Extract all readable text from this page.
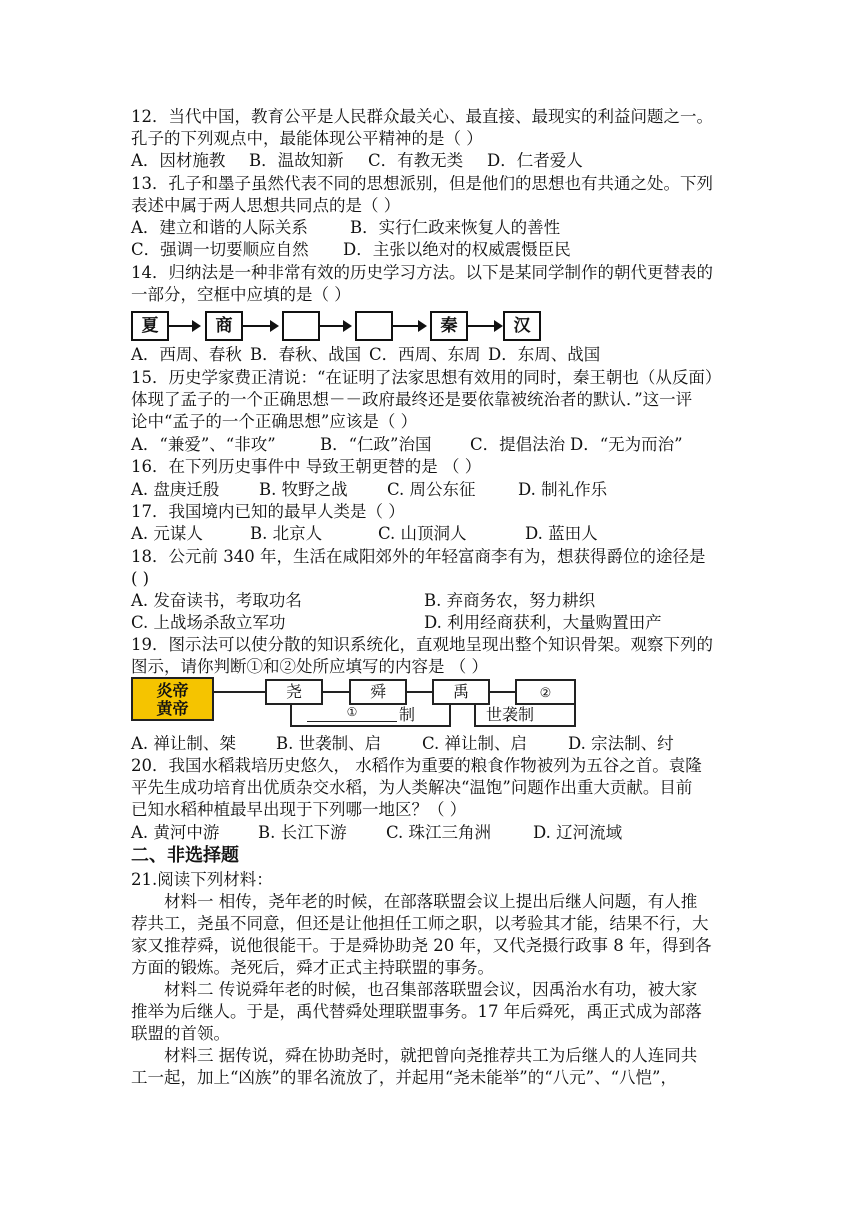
12．当代中国，教育公平是人民群众最关心、最直接、最现实的利益问题之一。
孔子的下列观点中，最能体现公平精神的是（ ）
A．因材施教 B．温故知新 C．有教无类 D．仁者爱人
13．孔子和墨子虽然代表不同的思想派别，但是他们的思想也有共通之处。下列
表述中属于两人思想共同点的是（ ）
A．建立和谐的人际关系	B．实行仁政来恢复人的善性
C．强调一切要顺应自然 D．主张以绝对的权威震慑臣民
14．归纳法是一种非常有效的历史学习方法。以下是某同学制作的朝代更替表的
一部分，空框中应填的是（ ）
夏	商	秦	汉
A．西周、春秋 B．春秋、战国 C．西周、东周 D．东周、战国
15．历史学家费正清说：“在证明了法家思想有效用的同时，秦王朝也（从反面）
体现了孟子的一个正确思想－－政府最终还是要依靠被统治者的默认．”这一评
论中“孟子的一个正确思想”应该是（ ）
A．“兼爱”、“非攻”	B．“仁政”治国 C．提倡法治 D．“无为而治”
16．在下列历史事件中 导致王朝更替的是 （ ）
A. 盘庚迁殷 B. 牧野之战 C. 周公东征	D. 制礼作乐
17．我国境内已知的最早人类是（ ）
A. 元谋人	B. 北京人	C. 山顶洞人	D. 蓝田人
18．公元前 340 年，生活在咸阳郊外的年轻富商李有为，想获得爵位的途径是
( )
A. 发奋读书，考取功名	B. 弃商务农，努力耕织
C. 上战场杀敌立军功	D. 利用经商获利，大量购置田产
19．图示法可以使分散的知识系统化，直观地呈现出整个知识骨架。观察下列的
图示，请你判断①和②处所应填写的内容是 （ ）
炎帝
黄帝
尧	舜	禹	②
①	制	世袭制
A. 禅让制、桀 B. 世袭制、启 C. 禅让制、启 D. 宗法制、纣
20．我国水稻栽培历史悠久， 水稻作为重要的粮食作物被列为五谷之首。袁隆
平先生成功培育出优质杂交水稻，为人类解决“温饱”问题作出重大贡献。目前
已知水稻种植最早出现于下列哪一地区？（ ）
A. 黄河中游 B. 长江下游 C. 珠江三角洲	D. 辽河流域
二、非选择题
21.阅读下列材料：
材料一 相传，尧年老的时候，在部落联盟会议上提出后继人问题，有人推
荐共工，尧虽不同意，但还是让他担任工师之职，以考验其才能，结果不行，大
家又推荐舜，说他很能干。于是舜协助尧 20 年，又代尧摄行政事 8 年，得到各
方面的锻炼。尧死后，舜才正式主持联盟的事务。
材料二 传说舜年老的时候，也召集部落联盟会议，因禹治水有功，被大家
推举为后继人。于是，禹代替舜处理联盟事务。17 年后舜死，禹正式成为部落
联盟的首领。
材料三 据传说，舜在协助尧时，就把曾向尧推荐共工为后继人的人连同共
工一起，加上“凶族”的罪名流放了，并起用“尧未能举”的“八元”、“八恺”，
